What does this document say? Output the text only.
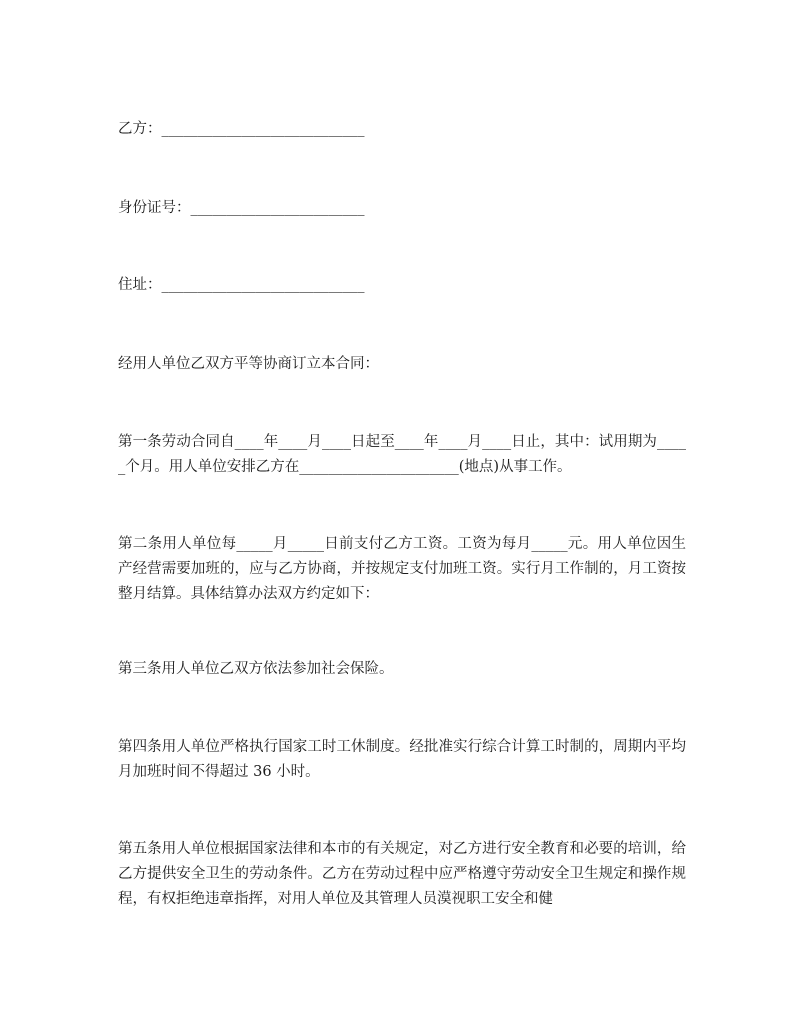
乙方：____________________________
身份证号：________________________
住址：____________________________
经用人单位乙双方平等协商订立本合同：
第一条劳动合同自____年____月____日起至____年____月____日止，其中：试用期为_____个月。用人单位安排乙方在______________________(地点)从事工作。
第二条用人单位每_____月_____日前支付乙方工资。工资为每月_____元。用人单位因生产经营需要加班的，应与乙方协商，并按规定支付加班工资。实行月工作制的，月工资按整月结算。具体结算办法双方约定如下：
第三条用人单位乙双方依法参加社会保险。
第四条用人单位严格执行国家工时工休制度。经批准实行综合计算工时制的，周期内平均月加班时间不得超过 36 小时。
第五条用人单位根据国家法律和本市的有关规定，对乙方进行安全教育和必要的培训，给乙方提供安全卫生的劳动条件。乙方在劳动过程中应严格遵守劳动安全卫生规定和操作规程，有权拒绝违章指挥，对用人单位及其管理人员漠视职工安全和健
